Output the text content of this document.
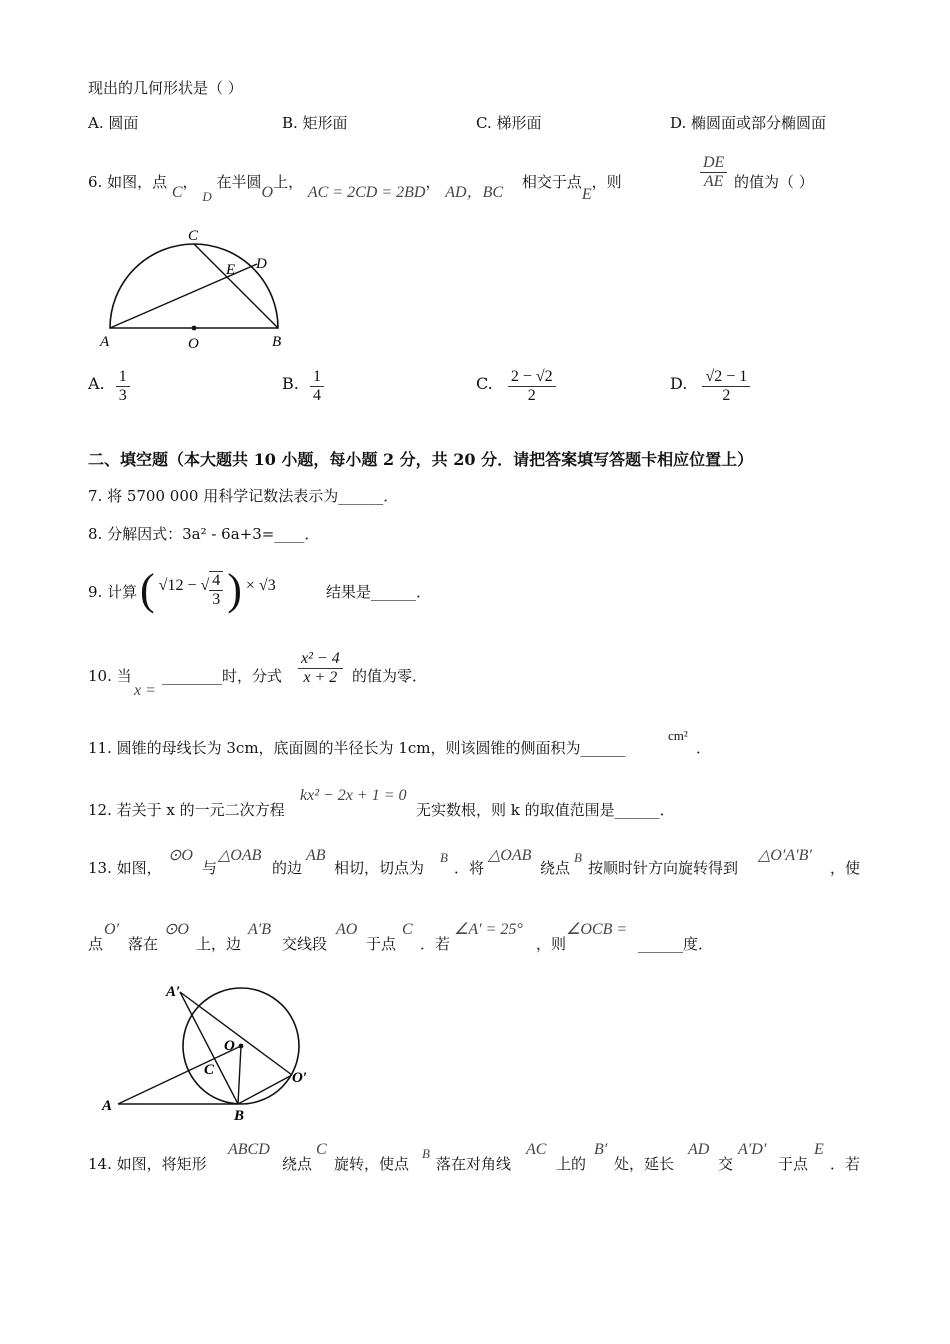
现出的几何形状是（ ）
A. 圆面	B. 矩形面	C. 梯形面	D. 椭圆面或部分椭圆面
6. 如图，点 C， D 在半圆O上， AC = 2CD = 2BD， AD，BC 相交于点E，则	$\frac{DE}{AE}$ 的值为（ ）
A	O	B
C
D
E
A. $\frac{1}{3}$	B. $\frac{1}{4}$	C. $\frac{2 - √2}{2}$	D. $\frac{√2 - 1}{2}$
二、填空题（本大题共 10 小题，每小题 2 分，共 20 分．请把答案填写答题卡相应位置上）
7. 将 5700 000 用科学记数法表示为______．
8. 分解因式：3a² - 6a+3=____．
9. 计算 ( √12 − √ $\frac{4}{3}$ ) × √3	结果是______．
10. 当
x =
________时，分式 $\frac{\text{x² − 4}}{x + 2}$ 的值为零．
11. 圆锥的母线长为 3cm，底面圆的半径长为 1cm，则该圆锥的侧面积为______
cm²
．
12. 若关于 x 的一元二次方程
kx² − 2x + 1 = 0
无实数根，则 k 的取值范围是______．
13. 如图，
⊙O
与
△OAB
的边
AB
相切，切点为
B
．将
△OAB
绕点
B
按顺时针方向旋转得到
△O′A′B′
，使
点
O′
落在
⊙O
上，边
A′B
交线段
AO
于点
C
．若
∠A′ = 25°
，则
∠OCB =
______度．
A′
O
C	O′
A
B
14. 如图，将矩形
ABCD
绕点
C
旋转，使点
B
落在对角线
AC
上的
B′
处，延长
AD
交
A′D′
于点
E
．若
